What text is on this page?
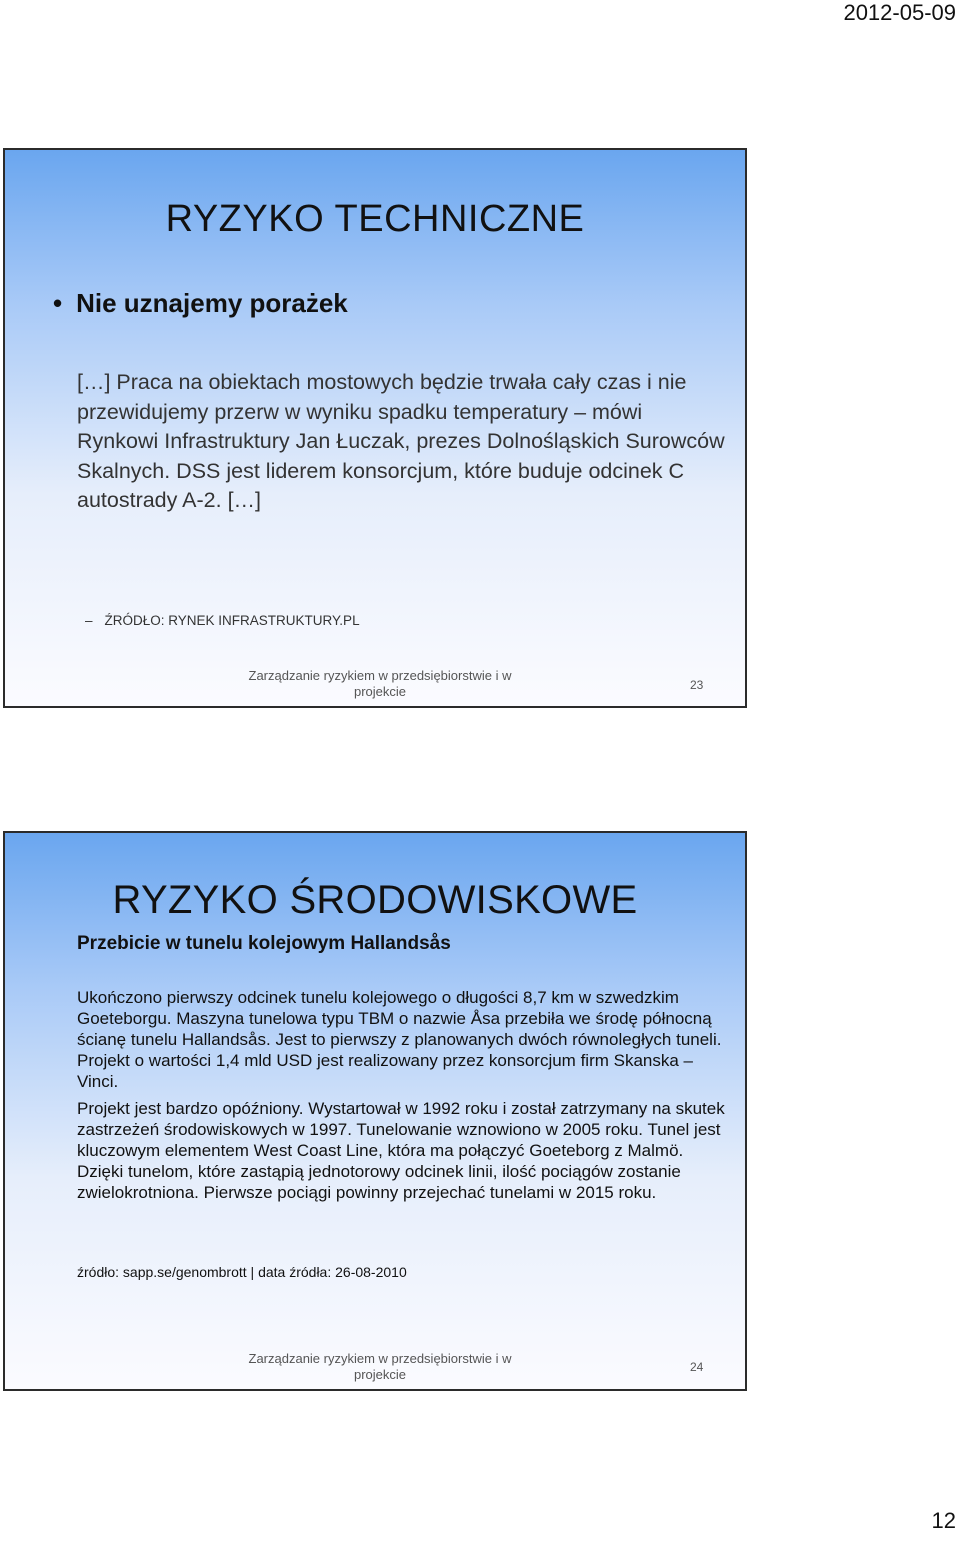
2012-05-09
RYZYKO TECHNICZNE
• Nie uznajemy porażek
[…] Praca na obiektach mostowych będzie trwała cały czas i nie przewidujemy przerw w wyniku spadku temperatury – mówi Rynkowi Infrastruktury Jan Łuczak, prezes Dolnośląskich Surowców Skalnych. DSS jest liderem konsorcjum, które buduje odcinek C autostrady A-2. […]
– ŹRÓDŁO: RYNEK INFRASTRUKTURY.PL
Zarządzanie ryzykiem w przedsiębiorstwie i w projekcie	23
RYZYKO ŚRODOWISKOWE
Przebicie w tunelu kolejowym Hallandsås
Ukończono pierwszy odcinek tunelu kolejowego o długości 8,7 km w szwedzkim Goeteborgu. Maszyna tunelowa typu TBM o nazwie Åsa przebiła we środę północną ścianę tunelu Hallandsås. Jest to pierwszy z planowanych dwóch równoległych tuneli. Projekt o wartości 1,4 mld USD jest realizowany przez konsorcjum firm Skanska – Vinci.
Projekt jest bardzo opóźniony. Wystartował w 1992 roku i został zatrzymany na skutek zastrzeżeń środowiskowych w 1997. Tunelowanie wznowiono w 2005 roku. Tunel jest kluczowym elementem West Coast Line, która ma połączyć Goeteborg z Malmö. Dzięki tunelom, które zastąpią jednotorowy odcinek linii, ilość pociągów zostanie zwielokrotniona. Pierwsze pociągi powinny przejechać tunelami w 2015 roku.
źródło: sapp.se/genombrott | data źródła: 26-08-2010
Zarządzanie ryzykiem w przedsiębiorstwie i w projekcie	24
12
